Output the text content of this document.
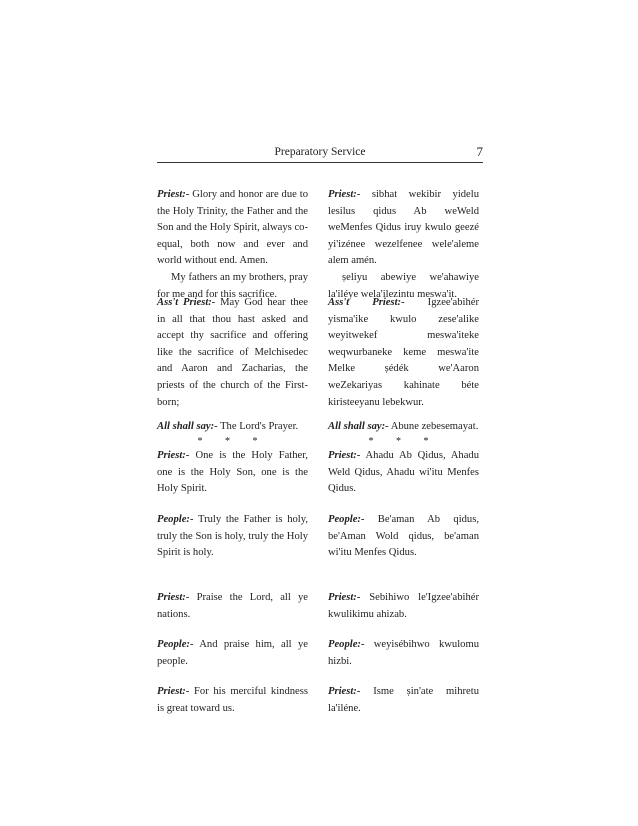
Preparatory Service	7
Priest:- Glory and honor are due to the Holy Trinity, the Father and the Son and the Holy Spirit, always co-equal, both now and ever and world without end. Amen.
My fathers an my brothers, pray for me and for this sacrifice.
Ass't Priest:- May God hear thee in all that thou hast asked and accept thy sacrifice and offering like the sacrifice of Melchisedec and Aaron and Zacharias, the priests of the church of the First-born;
All shall say:- The Lord's Prayer.
* * *
Priest:- One is the Holy Father, one is the Holy Son, one is the Holy Spirit.
People:- Truly the Father is holy, truly the Son is holy, truly the Holy Spirit is holy.
Priest:- Praise the Lord, all ye nations.
People:- And praise him, all ye people.
Priest:- For his merciful kindness is great toward us.
Priest:- sibhat wekibir yidelu lesilus qidus Ab weWeld weMenfes Qidus iruy kwulo geezé yi'izénee wezelfenee wele'aleme alem amén.
ṣeliyu abewiye we'ahawiye la'iléye wela'ilezintu meswa'it.
Ass't Priest:- Igzee'abihér yisma'ike kwulo zese'alike weyitwekef meswa'iteke weqwurbaneke keme meswa'ite Melke ṣédék we'Aaron weZekariyas kahinate béte kiristeeyanu lebekwur.
All shall say:- Abune zebesemayat.
* * *
Priest:- Ahadu Ab Qidus, Ahadu Weld Qidus, Ahadu wi'itu Menfes Qidus.
People:- Be'aman Ab qidus, be'Aman Wold qidus, be'aman wi'itu Menfes Qidus.
Priest:- Sebihiwo le'Igzee'abihér kwulikimu ahizab.
People:- weyisébihwo kwulomu hizbi.
Priest:- Isme ṣin'ate mihretu la'iléne.
